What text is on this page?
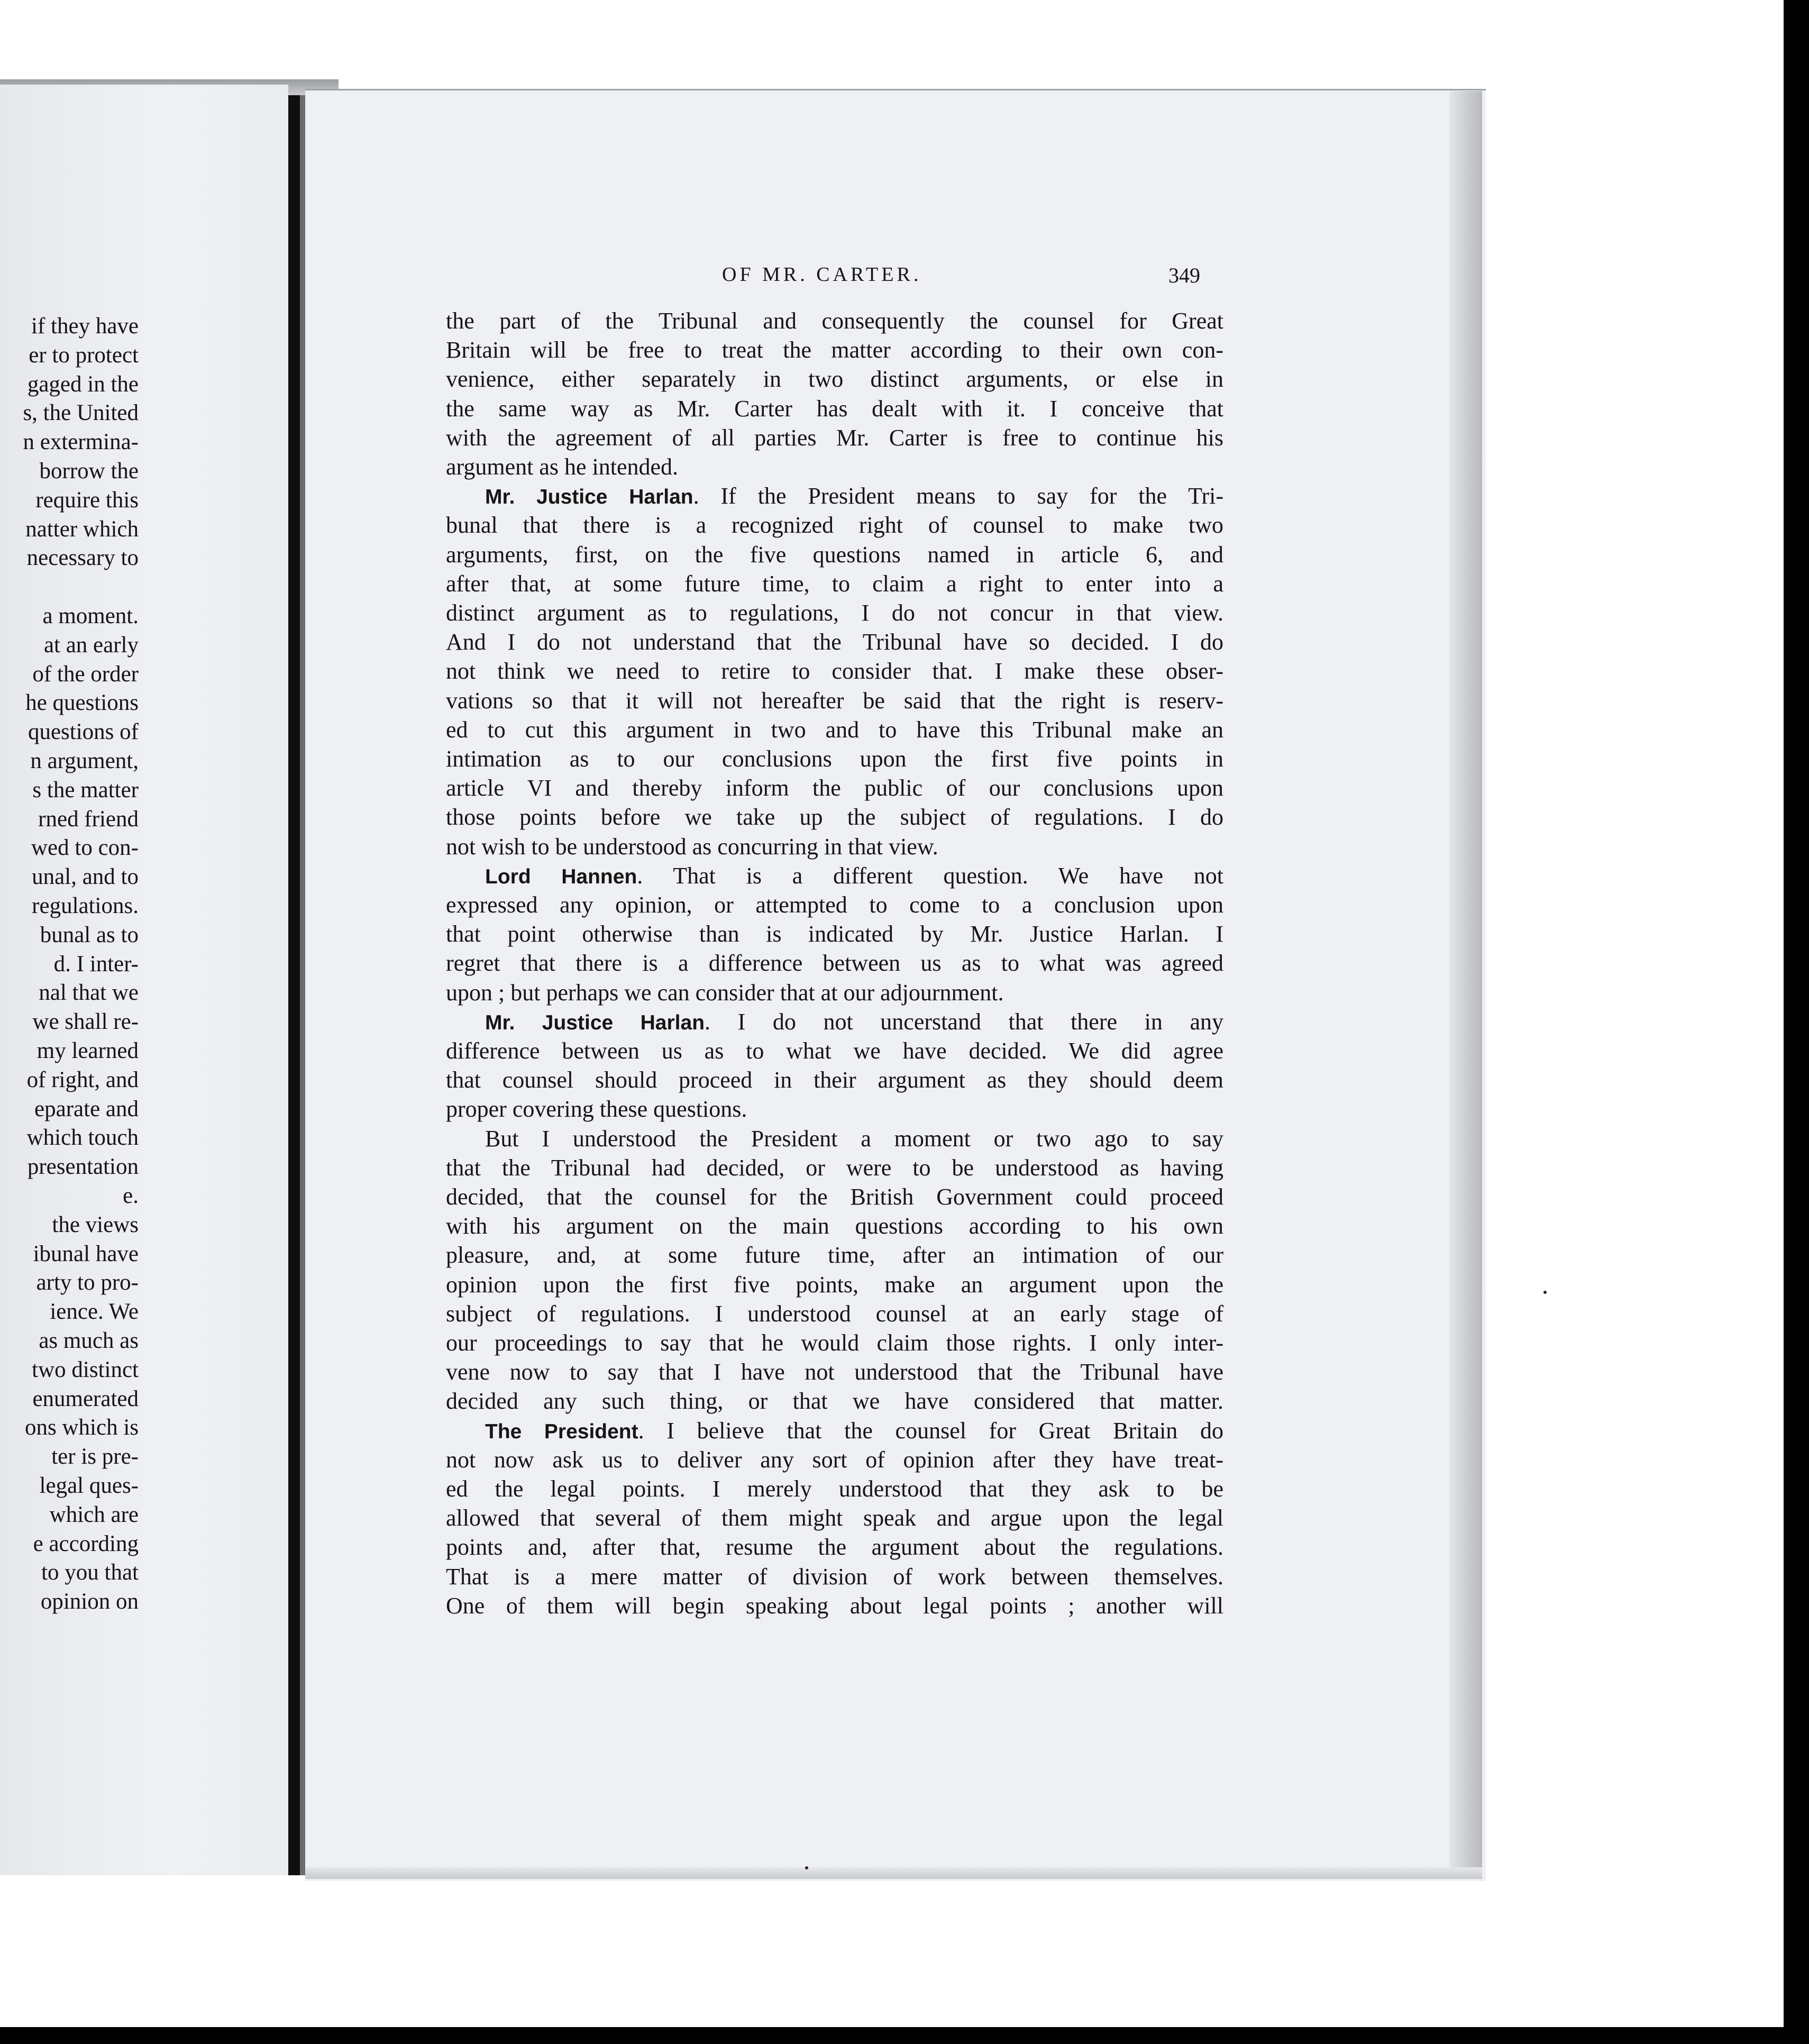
if they have
er to protect
gaged in the
s, the United
n extermina-
borrow the
require this
natter which
necessary to
a moment.
at an early
of the order
he questions
questions of
n argument,
s the matter
rned friend
wed to con-
unal, and to
regulations.
bunal as to
d. I inter-
nal that we
we shall re-
my learned
of right, and
eparate and
which touch
presentation
e.
the views
ibunal have
arty to pro-
ience. We
as much as
two distinct
enumerated
ons which is
ter is pre-
legal ques-
which are
e according
to you that
opinion on
OF MR. CARTER.	349
the part of the Tribunal and consequently the counsel for Great
Britain will be free to treat the matter according to their own con-
venience, either separately in two distinct arguments, or else in
the same way as Mr. Carter has dealt with it. I conceive that
with the agreement of all parties Mr. Carter is free to continue his
argument as he intended.
Mr. Justice Harlan. If the President means to say for the Tri-
bunal that there is a recognized right of counsel to make two
arguments, first, on the five questions named in article 6, and
after that, at some future time, to claim a right to enter into a
distinct argument as to regulations, I do not concur in that view.
And I do not understand that the Tribunal have so decided. I do
not think we need to retire to consider that. I make these obser-
vations so that it will not hereafter be said that the right is reserv-
ed to cut this argument in two and to have this Tribunal make an
intimation as to our conclusions upon the first five points in
article VI and thereby inform the public of our conclusions upon
those points before we take up the subject of regulations. I do
not wish to be understood as concurring in that view.
Lord Hannen. That is a different question. We have not
expressed any opinion, or attempted to come to a conclusion upon
that point otherwise than is indicated by Mr. Justice Harlan. I
regret that there is a difference between us as to what was agreed
upon ; but perhaps we can consider that at our adjournment.
Mr. Justice Harlan. I do not uncerstand that there in any
difference between us as to what we have decided. We did agree
that counsel should proceed in their argument as they should deem
proper covering these questions.
But I understood the President a moment or two ago to say
that the Tribunal had decided, or were to be understood as having
decided, that the counsel for the British Government could proceed
with his argument on the main questions according to his own
pleasure, and, at some future time, after an intimation of our
opinion upon the first five points, make an argument upon the
subject of regulations. I understood counsel at an early stage of
our proceedings to say that he would claim those rights. I only inter-
vene now to say that I have not understood that the Tribunal have
decided any such thing, or that we have considered that matter.
The President. I believe that the counsel for Great Britain do
not now ask us to deliver any sort of opinion after they have treat-
ed the legal points. I merely understood that they ask to be
allowed that several of them might speak and argue upon the legal
points and, after that, resume the argument about the regulations.
That is a mere matter of division of work between themselves.
One of them will begin speaking about legal points ; another will
